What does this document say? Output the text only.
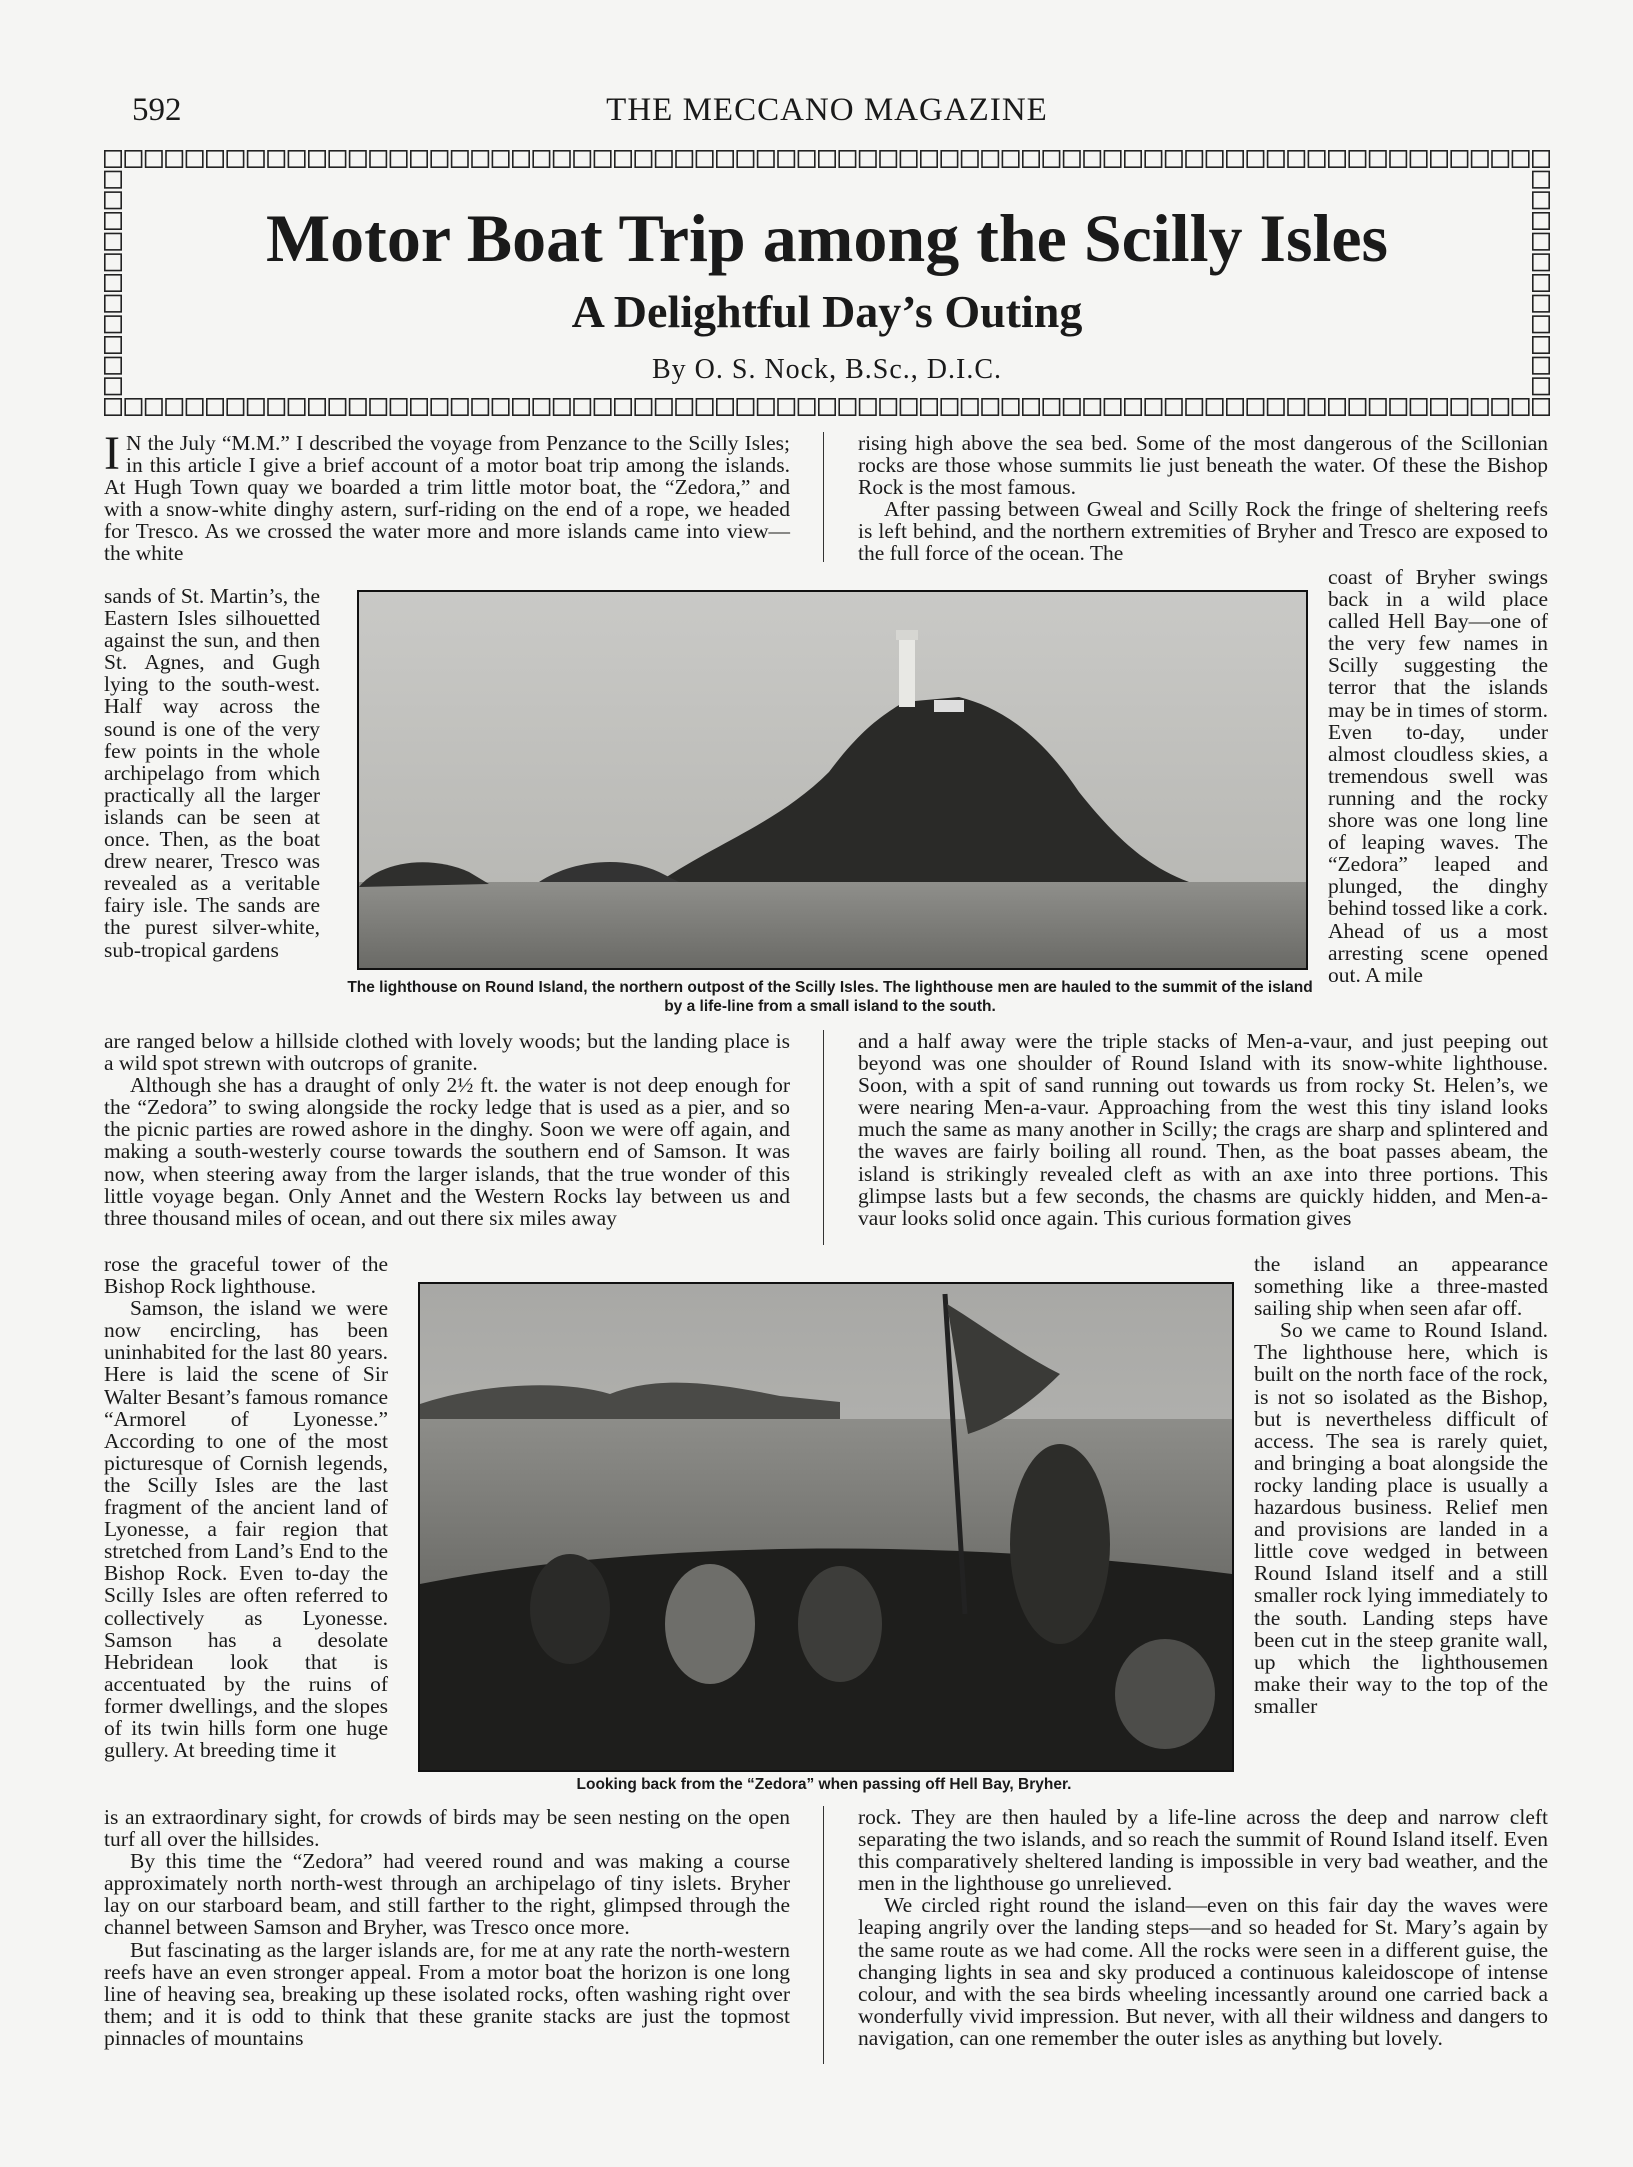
592	THE MECCANO MAGAZINE
Motor Boat Trip among the Scilly Isles
A Delightful Day’s Outing

By O. S. Nock, B.Sc., D.I.C.

I N the July “M.M.” I described the voyage from Penzance to the Scilly Isles; in this article I give a brief account of a motor boat trip among the islands. At Hugh Town quay we boarded a trim little motor boat, the “Zedora,” and with a snow-white dinghy astern, surf-riding on the end of a rope, we headed for Tresco. As we crossed the water more and more islands came into view—the white

rising high above the sea bed. Some of the most dangerous of the Scillonian rocks are those whose summits lie just beneath the water. Of these the Bishop Rock is the most famous.

After passing between Gweal and Scilly Rock the fringe of sheltering reefs is left behind, and the northern extremities of Bryher and Tresco are exposed to the full force of the ocean. The

sands of St. Martin’s, the Eastern Isles silhouetted against the sun, and then St. Agnes, and Gugh lying to the south-west. Half way across the sound is one of the very few points in the whole archipelago from which practically all the larger islands can be seen at once. Then, as the boat drew nearer, Tresco was revealed as a veritable fairy isle. The sands are the purest silver-white, sub-tropical gardens

coast of Bryher swings back in a wild place called Hell Bay—one of the very few names in Scilly suggesting the terror that the islands may be in times of storm. Even to-day, under almost cloudless skies, a tremendous swell was running and the rocky shore was one long line of leaping waves. The “Zedora” leaped and plunged, the dinghy behind tossed like a cork. Ahead of us a most arresting scene opened out. A mile

The lighthouse on Round Island, the northern outpost of the Scilly Isles. The lighthouse men are hauled to the summit of the island by a life-line from a small island to the south.

are ranged below a hillside clothed with lovely woods; but the landing place is a wild spot strewn with outcrops of granite.

Although she has a draught of only 2½ ft. the water is not deep enough for the “Zedora” to swing alongside the rocky ledge that is used as a pier, and so the picnic parties are rowed ashore in the dinghy. Soon we were off again, and making a south-westerly course towards the southern end of Samson. It was now, when steering away from the larger islands, that the true wonder of this little voyage began. Only Annet and the Western Rocks lay between us and three thousand miles of ocean, and out there six miles away

and a half away were the triple stacks of Men-a-vaur, and just peeping out beyond was one shoulder of Round Island with its snow-white lighthouse. Soon, with a spit of sand running out towards us from rocky St. Helen’s, we were nearing Men-a-vaur. Approaching from the west this tiny island looks much the same as many another in Scilly; the crags are sharp and splintered and the waves are fairly boiling all round. Then, as the boat passes abeam, the island is strikingly revealed cleft as with an axe into three portions. This glimpse lasts but a few seconds, the chasms are quickly hidden, and Men-a-vaur looks solid once again. This curious formation gives

rose the graceful tower of the Bishop Rock lighthouse.

Samson, the island we were now encircling, has been uninhabited for the last 80 years. Here is laid the scene of Sir Walter Besant’s famous romance “Armorel of Lyonesse.” According to one of the most picturesque of Cornish legends, the Scilly Isles are the last fragment of the ancient land of Lyonesse, a fair region that stretched from Land’s End to the Bishop Rock. Even to-day the Scilly Isles are often referred to collectively as Lyonesse. Samson has a desolate Hebridean look that is accentuated by the ruins of former dwellings, and the slopes of its twin hills form one huge gullery. At breeding time it

the island an appearance something like a three-masted sailing ship when seen afar off.

So we came to Round Island. The lighthouse here, which is built on the north face of the rock, is not so isolated as the Bishop, but is nevertheless difficult of access. The sea is rarely quiet, and bringing a boat alongside the rocky landing place is usually a hazardous business. Relief men and provisions are landed in a little cove wedged in between Round Island itself and a still smaller rock lying immediately to the south. Landing steps have been cut in the steep granite wall, up which the lighthousemen make their way to the top of the smaller

Looking back from the “Zedora” when passing off Hell Bay, Bryher.

is an extraordinary sight, for crowds of birds may be seen nesting on the open turf all over the hillsides.

By this time the “Zedora” had veered round and was making a course approximately north north-west through an archipelago of tiny islets. Bryher lay on our starboard beam, and still farther to the right, glimpsed through the channel between Samson and Bryher, was Tresco once more.

But fascinating as the larger islands are, for me at any rate the north-western reefs have an even stronger appeal. From a motor boat the horizon is one long line of heaving sea, breaking up these isolated rocks, often washing right over them; and it is odd to think that these granite stacks are just the topmost pinnacles of mountains

rock. They are then hauled by a life-line across the deep and narrow cleft separating the two islands, and so reach the summit of Round Island itself. Even this comparatively sheltered landing is impossible in very bad weather, and the men in the lighthouse go unrelieved.

We circled right round the island—even on this fair day the waves were leaping angrily over the landing steps—and so headed for St. Mary’s again by the same route as we had come. All the rocks were seen in a different guise, the changing lights in sea and sky produced a continuous kaleidoscope of intense colour, and with the sea birds wheeling incessantly around one carried back a wonderfully vivid impression. But never, with all their wildness and dangers to navigation, can one remember the outer isles as anything but lovely.
